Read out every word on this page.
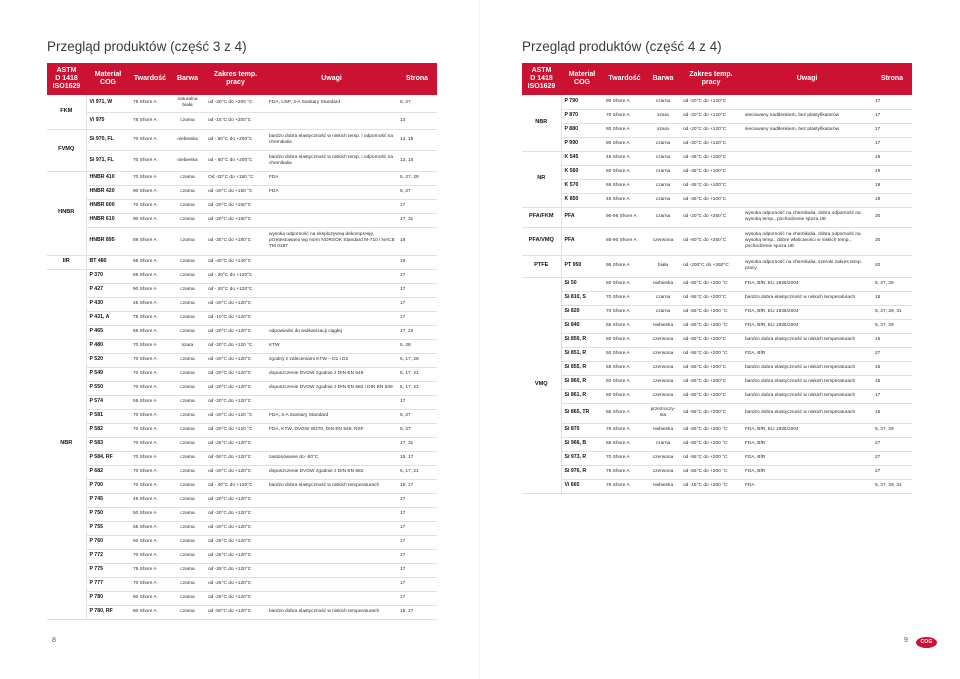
Przegląd produktów (część 3 z 4)
ASTM
D 1418
ISO1629	Materiał
COG	Twardość	Barwa	Zakres temp.
pracy	Uwagi	Strona
FKM	Vi 971, W	75 Shore A	naturalna biała	od -20°C do +200 °C	FDA, USP, 3-A Sanitary Standard	5, 27
	Vi 975	75 Shore A	czarna	od -15°C do +200°C		13
FVMQ	Si 970, FL	70 Shore A	niebieska	od - 60°C do +200°C	bardzo dobra elastyczność w niskich temp. i odporność na chemikalia	13, 15
	Si 971, FL	70 Shore A	niebieska	od - 60°C do +200°C	bardzo dobra elastyczność w niskich temp. i odporność na chemikalia	13, 15
HNBR	HNBR 410	70 Shore A	czarna	Od -20°C do +150 °C	FDA	5, 27, 29
	HNBR 420	90 Shore A	czarna	od -20°C do +150 °C	FDA	5, 27
	HNBR 600	70 Shore A	czarna	od -20°C do +150°C		17
	HNBR 610	90 Shore A	czarna	od -20°C do +150°C		17, 31
	HNBR 895	89 Shore A	czarna	od -25°C do +180°C	wysoka odporność na eksplozywną dekompresję, przetestowano wg norm NORSOK Standard M-710 i NACE TM 0187	18
IIR	BT 480	65 Shore A	czarna	od -40°C do +140°C		19
NBR	P 370	85 Shore A	czarna	od - 20°C do +120°C		17
	P 427	90 Shore A	czarna	od - 20°C do +120°C		17
	P 430	45 Shore A	czarna	od -20°C do +120°C		17
	P 431, A	75 Shore A	czarna	od -10°C do +120°C		17
	P 465	65 Shore A	czarna	od -20°C do +120°C	odpowiedni do wulkanizacji ciągłej	17, 22
	P 480	70 Shore A	szara	od -20°C do +120 °C	KTW	5, 28
	P 520	70 Shore A	czarna	od -20°C do +120°C	zgodny z zaleceniami KTW – D1 i D2	5, 17, 28
	P 549	70 Shore A	czarna	od -20°C do +120°C	dopuszczenie DVGW zgodnie z DIN EN 549	5, 17, 21
	P 550	70 Shore A	czarna	od -20°C do +120°C	dopuszczenie DVGW zgodnie z DIN EN 682 i DIN EN 549	5, 17, 21
	P 574	55 Shore A	czarna	od -20°C do +120°C		17
	P 581	70 Shore A	czarna	od -20°C do +120 °C	FDA, 3-A Sanitary Standard	5, 27
	P 582	70 Shore A	czarna	od -20°C do +120 °C	FDA, KTW, DVGW W270, DIN EN 549, NSF	5, 27
	P 583	70 Shore A	czarna	od -25°C do +120°C		17, 31
	P 584, RF	70 Shore A	czarna	od -50°C do +120°C	zastosowanie do -50°C	15, 17
	P 682	70 Shore A	czarna	od -20°C do +120°C	dopuszczenie DVGW zgodnie z DIN EN 682	5, 17, 21
	P 700	70 Shore A	czarna	od - 40°C do +120°C	bardzo dobra elastyczność w niskich temperaturach	15, 17
	P 745	45 Shore A	czarna	od -20°C do +120°C		17
	P 750	50 Shore A	czarna	od -20°C do +120°C		17
	P 755	55 Shore A	czarna	od -20°C do +120°C		17
	P 760	60 Shore A	czarna	od -25°C do +120°C		17
	P 772	70 Shore A	czarna	od -25°C do +120°C		17
	P 775	75 Shore A	czarna	od -25°C do +120°C		17
	P 777	70 Shore A	czarna	od -25°C do +120°C		17
	P 780	80 Shore A	czarna	od -25°C do +120°C		17
	P 780, RF	80 Shore A	czarna	od -50°C do +120°C	bardzo dobra elastyczność w niskich temperaturach	15, 17
8
Przegląd produktów (część 4 z 4)
ASTM
D 1418
ISO1629	Materiał
COG	Twardość	Barwa	Zakres temp.
pracy	Uwagi	Strona
NBR	P 790	90 Shore A	czarna	od -20°C do +120°C		17
	P 870	70 Shore A	szara	od -20°C do +120°C	sieciowany nadtlenkiem, bez plastyfikatorów	17
	P 880	80 Shore A	szara	od -20°C do +120°C	sieciowany nadtlenkiem, bez plastyfikatorów	17
	P 990	90 Shore A	czarna	od -20°C do +120°C		17
NR	K 545	45 Shore A	czarna	od -45°C do +100°C		19
	K 560	60 Shore A	czarna	od -45°C do +100°C		19
	K 570	65 Shore A	czarna	od -45°C do +100°C		19
	K 850	45 Shore A	czarna	od -45°C do +100°C		19
PFA/FKM	PFA	90-95 Shore A	czarna	od -20°C do +260°C	wysoka odporność na chemikalia, dobra odporność na wysoką temp., pochodzenie spoza UE	20
PFA/VMQ	PFA	85-90 Shore A	czerwona	od -60°C do +260°C	wysoka odporność na chemikalia, dobra odporność na wysoką temp., dobre właściwości w niskich temp., pochodzenie spoza UE	20
PTFE	PT 950	95 Shore A	biała	od -200°C do +260°C	wysoka odporność na chemikalia, szeroki zakres temp. pracy	20
VMQ	Si 50	50 Shore A	niebieska	od -55°C do +200 °C	FDA, BfR, EU 1935/2004	5, 27, 29
	Si 810, S	70 Shore A	czarna	od -55°C do +200°C	bardzo dobra elastyczność w niskich temperaturach	16
	Si 820	70 Shore A	czarna	od -55°C do +200 °C	FDA, BfR, EU 1935/2004	5, 27, 29, 31
	Si 840	65 Shore A	niebieska	od -55°C do +200 °C	FDA, BfR, EU 1935/2004	5, 27, 29
	Si 850, R	50 Shore A	czerwona	od -55°C do +200°C	bardzo dobra elastyczność w niskich temperaturach	16
	Si 851, R	50 Shore A	czerwona	od -55°C do +200 °C	FDA, BfR	27
	Si 855, R	55 Shore A	czerwona	od -55°C do +200°C	bardzo dobra elastyczność w niskich temperaturach	16
	Si 860, R	60 Shore A	czerwona	od -55°C do +200°C	bardzo dobra elastyczność w niskich temperaturach	16
	Si 861, R	60 Shore A	czerwona	od -55°C do +200°C	bardzo dobra elastyczność w niskich temperaturach	17
	Si 865, TR	65 Shore A	przezroczy-sta	od -55°C do +200°C	bardzo dobra elastyczność w niskich temperaturach	16
	Si 870	75 Shore A	niebieska	od -55°C do +200 °C	FDA, BfR, EU 1935/2004	5, 27, 29
	Si 966, B	65 Shore A	czarna	od -55°C do +200 °C	FDA, BfR	27
	Si 973, R	70 Shore A	czerwona	od -55°C do +200 °C	FDA, BfR	27
	Si 976, R	75 Shore A	czerwona	od -55°C do +200 °C	FDA, BfR	27
	Vi 665	75 Shore A	niebieska	od -15°C do +200 °C	FDA	5, 27, 29, 31
9	COG
